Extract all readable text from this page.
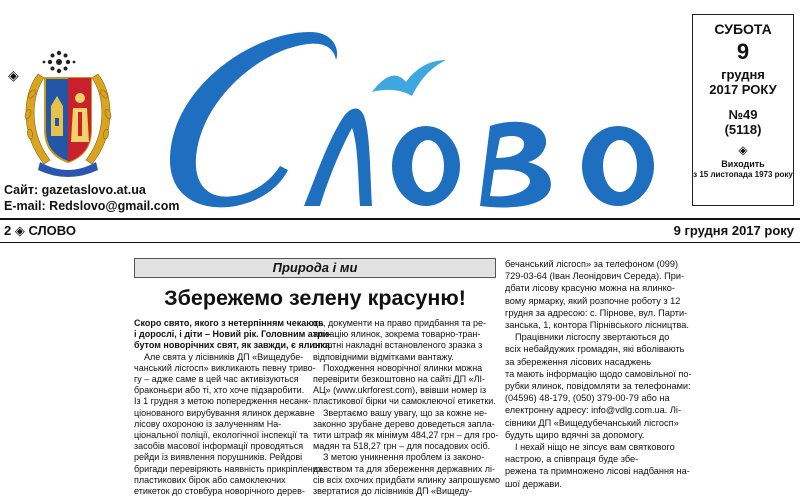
◈
Сайт: gazetaslovo.at.ua
E-mail: Redslovo@gmail.com
СУБОТА
9
грудня
2017 РОКУ
№49
(5118)
◈
Виходить
з 15 листопада 1973 року
2 ◈ СЛОВО	9 грудня 2017 року
Природа і ми
Збережемо зелену красуню!

Скоро свято, якого з нетерпінням чекають

і дорослі, і діти – Новий рік. Головним атри-

бутом новорічних свят, як завжди, є ялинка.

Але свята у лісівників ДП «Вищедубе-

чанський лісгосп» викликають певну триво-

гу – адже саме в цей час активізуються

браконьєри або ті, хто хоче підзаробити.

Із 1 грудня з метою попередження несанк-

ціонованого вирубування ялинок державне

лісову охороною із залученням На-

ціональної поліції, екологічної інспекції та

засобів масової інформації проводяться

рейди із виявлення порушників. Рейдові

бригади перевіряють наявність прикріплених

пластикових бірок або самоклеючих

етикеток до стовбура новорічного дерев-

ця, документи на право придбання та ре-

алізацію ялинок, зокрема товарно-тран-

спортні накладні встановленого зразка з

відповідними відмітками вантажу.

Походження новорічної ялинки можна

перевірити безкоштовно на сайті ДП «ЛІ-

АЦ» (www.ukrforest.com), ввівши номер із

пластикової бірки чи самоклеючої етикетки.

Звертаємо вашу увагу, що за кожне не-

законно зрубане дерево доведеться запла-

тити штраф як мінімум 484,27 грн – для гро-

мадян та 518,27 грн – для посадових осіб.

З метою уникнення проблем із законо-

давством та для збереження державних лі-

сів всіх охочих придбати ялинку запрошуємо

звертатися до лісівників ДП «Вищеду-

бечанський лісгосп» за телефоном (099)

729-03-64 (Іван Леонідович Середа). При-

дбати лісову красуню можна на ялинко-

вому ярмарку, який розпочне роботу з 12

грудня за адресою: с. Пірнове, вул. Парти-

занська, 1, контора Пірнівського лісництва.

Працівники лісгоспу звертаються до

всіх небайдужих громадян, які вболівають

за збереження лісових насаджень

та мають інформацію щодо самовільної по-

рубки ялинок, повідомляти за телефонами:

(04596) 48-179, (050) 379-00-79 або на

електронну адресу: info@vdlg.com.ua. Лі-

сівники ДП «Вищедубечанський лісгосп»

будуть щиро вдячні за допомогу.

І нехай ніщо не зіпсує вам святкового

настрою, а співпраця буде збе-

режена та примножено лісові надбання на-

шої держави.
